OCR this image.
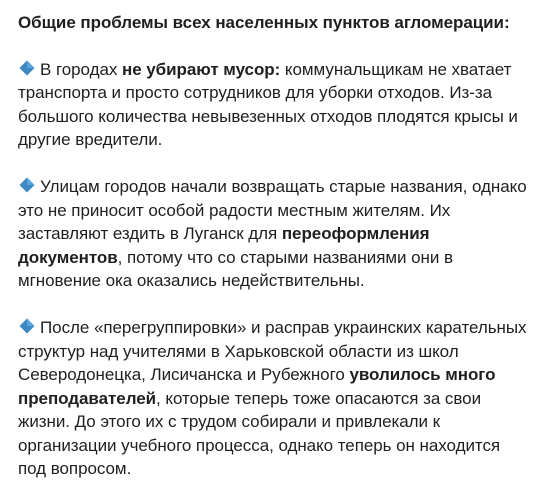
Общие проблемы всех населенных пунктов агломерации:
В городах не убирают мусор: коммунальщикам не хватает транспорта и просто сотрудников для уборки отходов. Из-за большого количества невывезенных отходов плодятся крысы и другие вредители.
Улицам городов начали возвращать старые названия, однако это не приносит особой радости местным жителям. Их заставляют ездить в Луганск для переоформления документов, потому что со старыми названиями они в мгновение ока оказались недействительны.
После «перегруппировки» и расправ украинских карательных структур над учителями в Харьковской области из школ Северодонецка, Лисичанска и Рубежного уволилось много преподавателей, которые теперь тоже опасаются за свои жизни. До этого их с трудом собирали и привлекали к организации учебного процесса, однако теперь он находится под вопросом.
